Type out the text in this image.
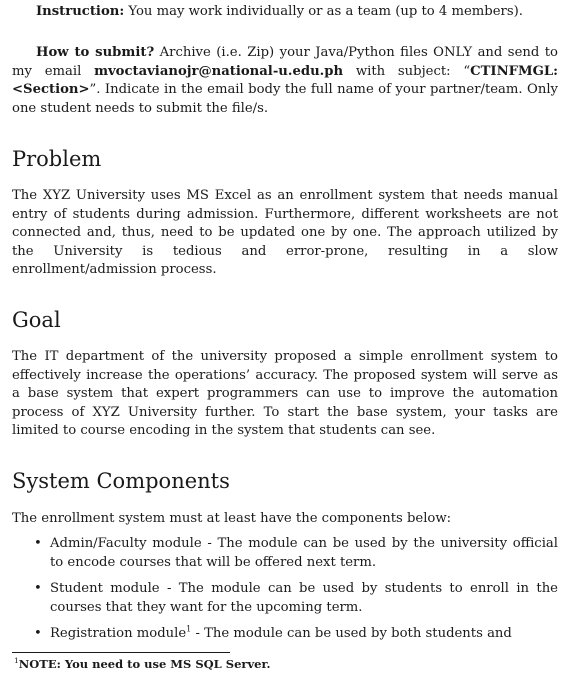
Instruction: You may work individually or as a team (up to 4 members).

How to submit? Archive (i.e. Zip) your Java/Python files ONLY and send to my email mvoctavianojr@national-u.edu.ph with subject: “CTINFMGL: <Section>”. Indicate in the email body the full name of your partner/team. Only one student needs to submit the file/s.

Problem

The XYZ University uses MS Excel as an enrollment system that needs manual entry of students during admission. Furthermore, different worksheets are not connected and, thus, need to be updated one by one. The approach utilized by the University is tedious and error-prone, resulting in a slow enrollment/admission process.

Goal

The IT department of the university proposed a simple enrollment system to effectively increase the operations’ accuracy. The proposed system will serve as a base system that expert programmers can use to improve the automation process of XYZ University further. To start the base system, your tasks are limited to course encoding in the system that students can see.

System Components

The enrollment system must at least have the components below:

• Admin/Faculty module - The module can be used by the university official to encode courses that will be offered next term.
• Student module - The module can be used by students to enroll in the courses that they want for the upcoming term.
• Registration module$^1$ - The module can be used by both students and
$^1$NOTE: You need to use MS SQL Server.
